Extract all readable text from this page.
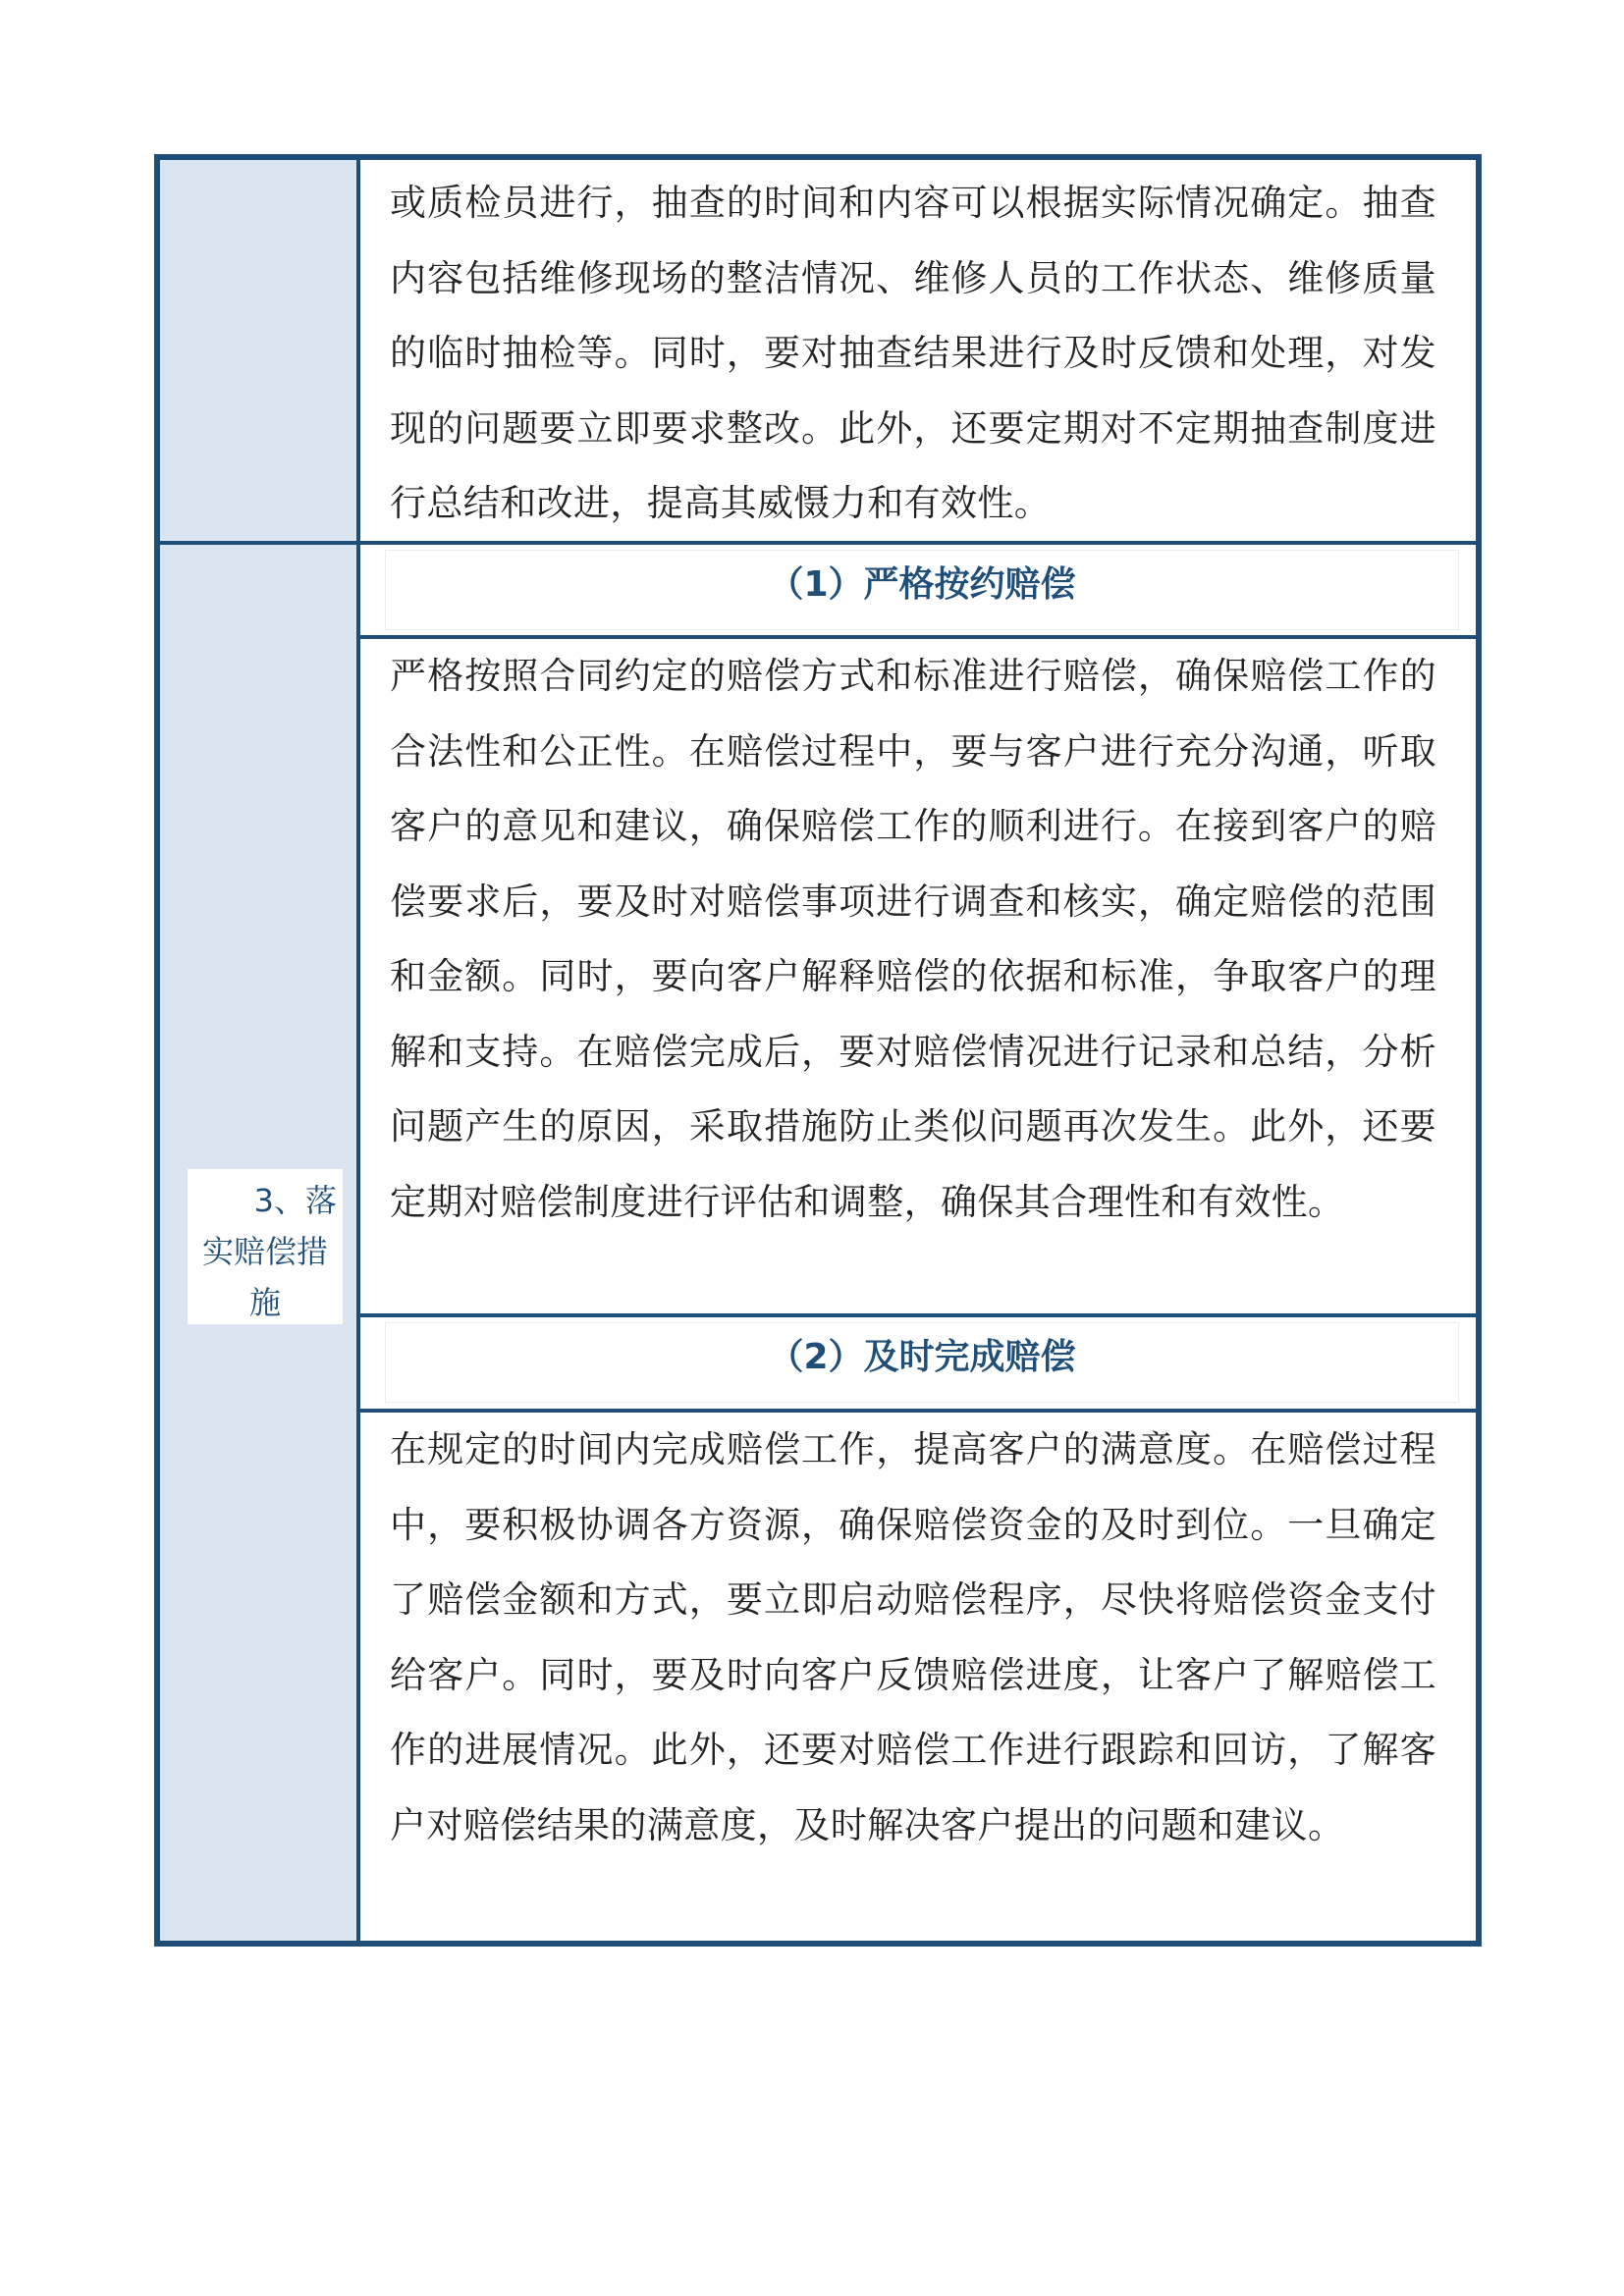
3、落
实赔偿措
施
或质检员进行，抽查的时间和内容可以根据实际情况确定。抽查内容包括维修现场的整洁情况、维修人员的工作状态、维修质量的临时抽检等。同时，要对抽查结果进行及时反馈和处理，对发现的问题要立即要求整改。此外，还要定期对不定期抽查制度进行总结和改进，提高其威慑力和有效性。
（1）严格按约赔偿
严格按照合同约定的赔偿方式和标准进行赔偿，确保赔偿工作的合法性和公正性。在赔偿过程中，要与客户进行充分沟通，听取客户的意见和建议，确保赔偿工作的顺利进行。在接到客户的赔偿要求后，要及时对赔偿事项进行调查和核实，确定赔偿的范围和金额。同时，要向客户解释赔偿的依据和标准，争取客户的理解和支持。在赔偿完成后，要对赔偿情况进行记录和总结，分析问题产生的原因，采取措施防止类似问题再次发生。此外，还要定期对赔偿制度进行评估和调整，确保其合理性和有效性。
（2）及时完成赔偿
在规定的时间内完成赔偿工作，提高客户的满意度。在赔偿过程中，要积极协调各方资源，确保赔偿资金的及时到位。一旦确定了赔偿金额和方式，要立即启动赔偿程序，尽快将赔偿资金支付给客户。同时，要及时向客户反馈赔偿进度，让客户了解赔偿工作的进展情况。此外，还要对赔偿工作进行跟踪和回访，了解客户对赔偿结果的满意度，及时解决客户提出的问题和建议。
